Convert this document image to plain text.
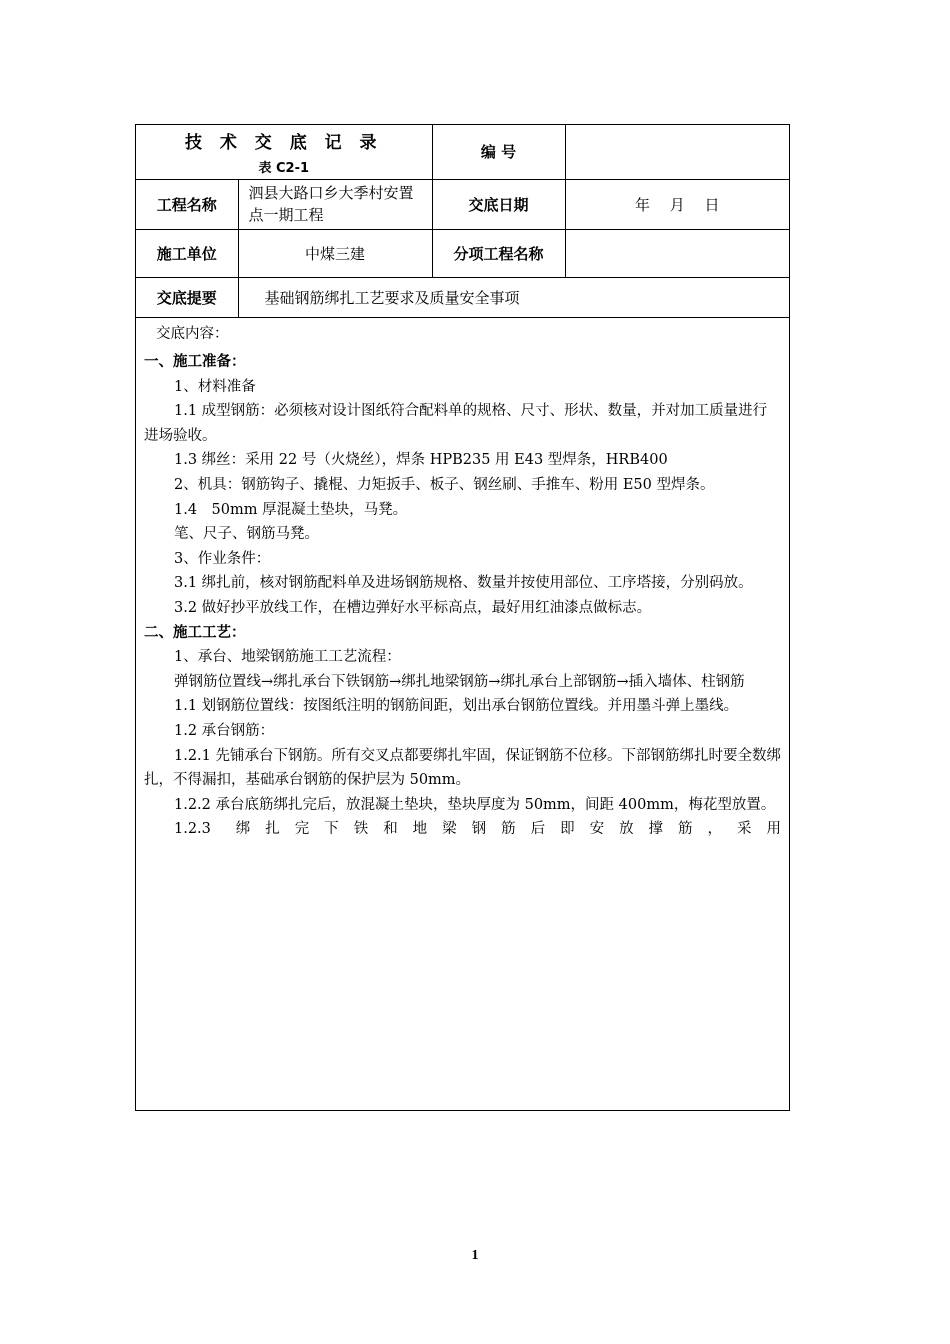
技 术 交 底 记 录
表 C2-1		编 号	
工程名称	泗县大路口乡大季村安置点一期工程	交底日期	年　 月　 日
施工单位	中煤三建	分项工程名称	
交底提要	基础钢筋绑扎工艺要求及质量安全事项		

交底内容：

一、施工准备：

1、材料准备

1.1 成型钢筋：必须核对设计图纸符合配料单的规格、尺寸、形状、数量，并对加工质量进行进场验收。

1.3 绑丝：采用 22 号（火烧丝），焊条 HPB235 用 E43 型焊条，HRB400

2、机具：钢筋钩子、撬棍、力矩扳手、板子、钢丝刷、手推车、粉用 E50 型焊条。

1.4　50mm 厚混凝土垫块，马凳。

笔、尺子、钢筋马凳。

3、作业条件：

3.1 绑扎前，核对钢筋配料单及进场钢筋规格、数量并按使用部位、工序塔接，分别码放。

3.2 做好抄平放线工作，在槽边弹好水平标高点，最好用红油漆点做标志。

二、施工工艺：

1、承台、地梁钢筋施工工艺流程：

弹钢筋位置线→绑扎承台下铁钢筋→绑扎地梁钢筋→绑扎承台上部钢筋→插入墙体、柱钢筋

1.1 划钢筋位置线：按图纸注明的钢筋间距，划出承台钢筋位置线。并用墨斗弹上墨线。

1.2 承台钢筋：

1.2.1 先铺承台下钢筋。所有交叉点都要绑扎牢固，保证钢筋不位移。下部钢筋绑扎时要全数绑扎，不得漏扣，基础承台钢筋的保护层为 50mm。

1.2.2 承台底筋绑扎完后，放混凝土垫块，垫块厚度为 50mm，间距 400mm，梅花型放置。

1.2.3　绑 扎 完 下 铁 和 地 梁 钢 筋 后 即 安 放 撑 筋 ， 采 用

1
